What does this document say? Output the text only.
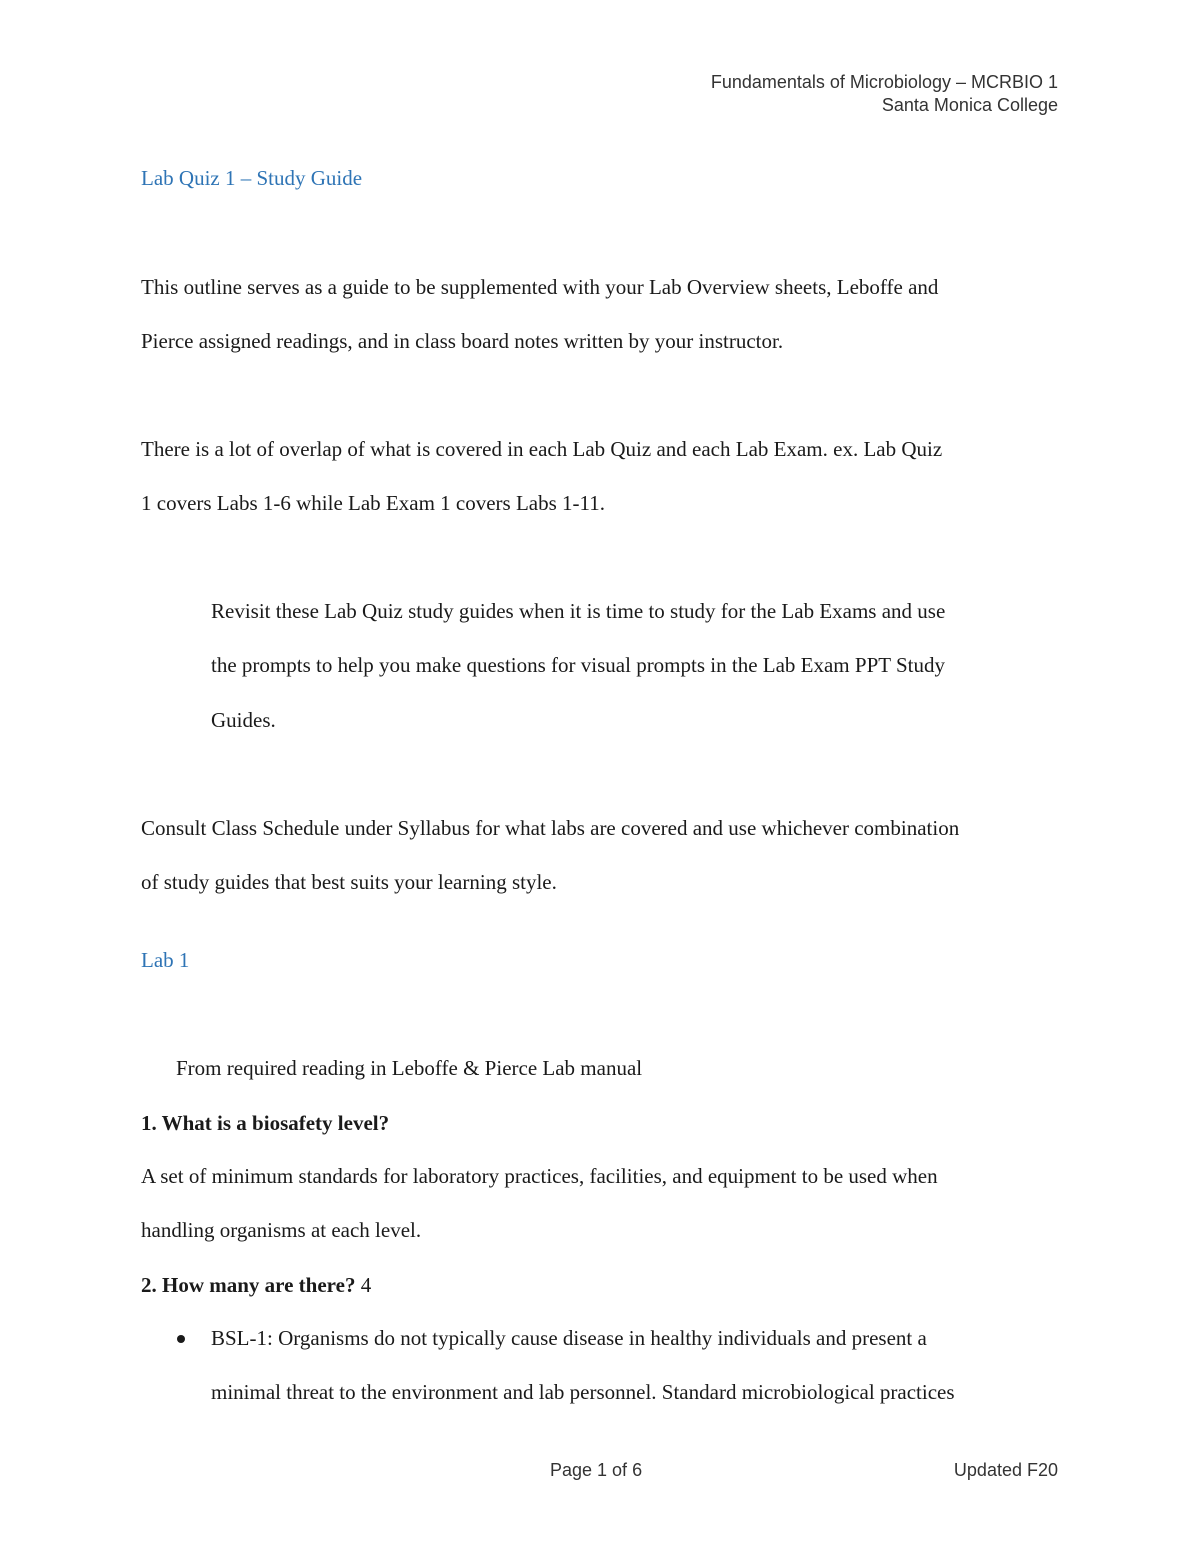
Fundamentals of Microbiology – MCRBIO 1
Santa Monica College
Lab Quiz 1 – Study Guide
This outline serves as a guide to be supplemented with your Lab Overview sheets, Leboffe and
Pierce assigned readings, and in class board notes written by your instructor.
There is a lot of overlap of what is covered in each Lab Quiz and each Lab Exam. ex. Lab Quiz
1 covers Labs 1-6 while Lab Exam 1 covers Labs 1-11.
Revisit these Lab Quiz study guides when it is time to study for the Lab Exams and use
the prompts to help you make questions for visual prompts in the Lab Exam PPT Study
Guides.
Consult Class Schedule under Syllabus for what labs are covered and use whichever combination
of study guides that best suits your learning style.
Lab 1
From required reading in Leboffe & Pierce Lab manual
1. What is a biosafety level?
A set of minimum standards for laboratory practices, facilities, and equipment to be used when
handling organisms at each level.
2. How many are there? 4
BSL-1: Organisms do not typically cause disease in healthy individuals and present a
minimal threat to the environment and lab personnel. Standard microbiological practices
Page 1 of 6	Updated F20
